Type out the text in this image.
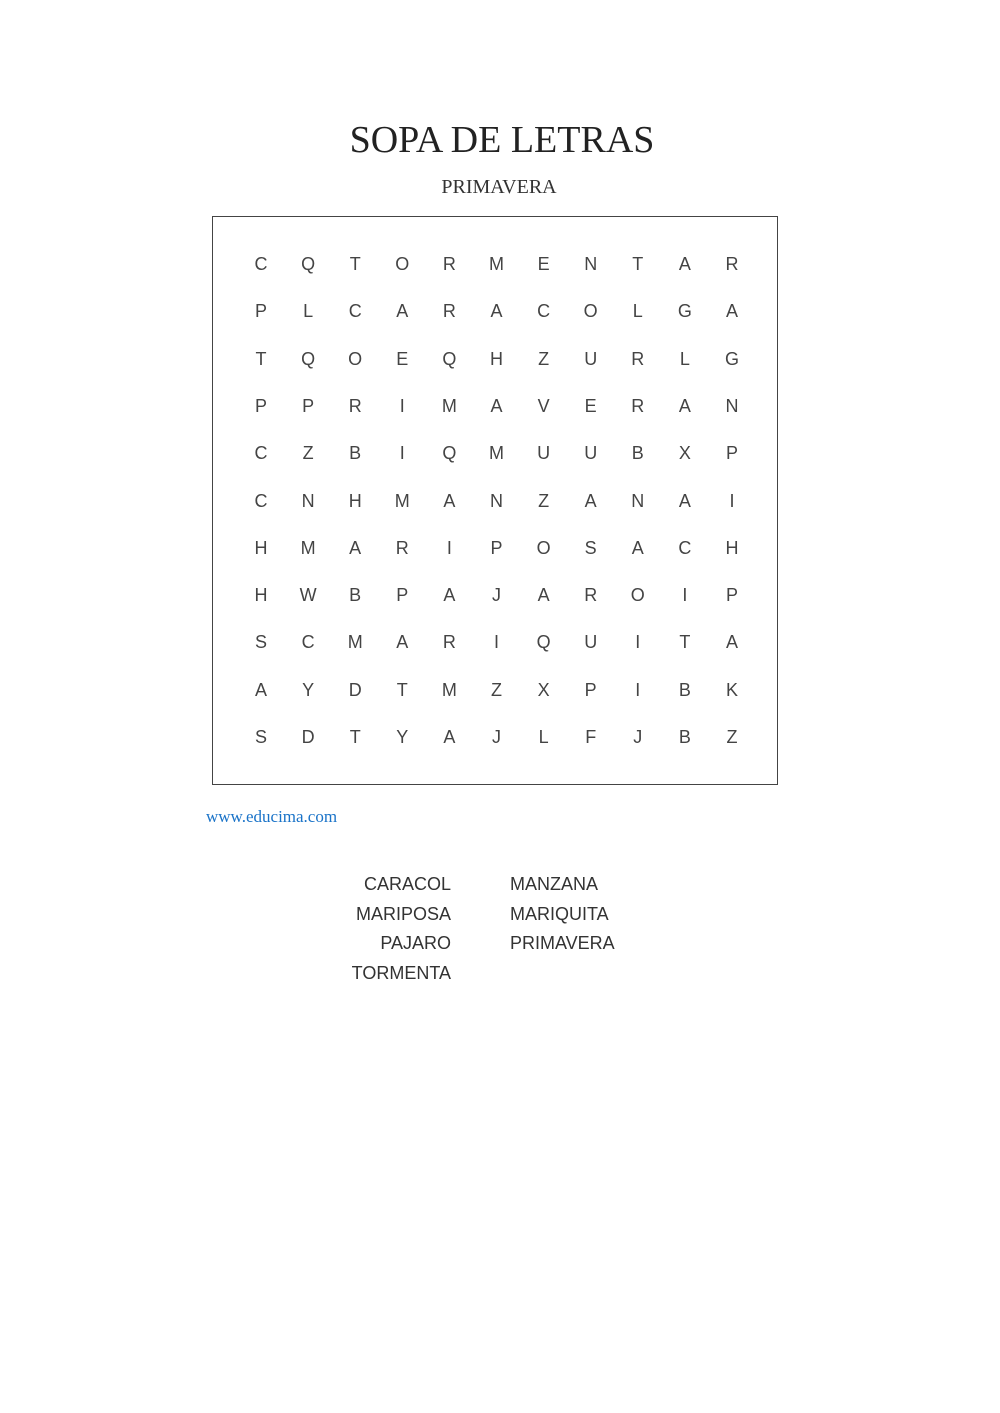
SOPA DE LETRAS
PRIMAVERA
C	Q	T	O	R	M	E	N	T	A	R
P	L	C	A	R	A	C	O	L	G	A
T	Q	O	E	Q	H	Z	U	R	L	G
P	P	R	I	M	A	V	E	R	A	N
C	Z	B	I	Q	M	U	U	B	X	P
C	N	H	M	A	N	Z	A	N	A	I
H	M	A	R	I	P	O	S	A	C	H
H	W	B	P	A	J	A	R	O	I	P
S	C	M	A	R	I	Q	U	I	T	A
A	Y	D	T	M	Z	X	P	I	B	K
S	D	T	Y	A	J	L	F	J	B	Z
www.educima.com
CARACOL
MARIPOSA
PAJARO
TORMENTA
MANZANA
MARIQUITA
PRIMAVERA
